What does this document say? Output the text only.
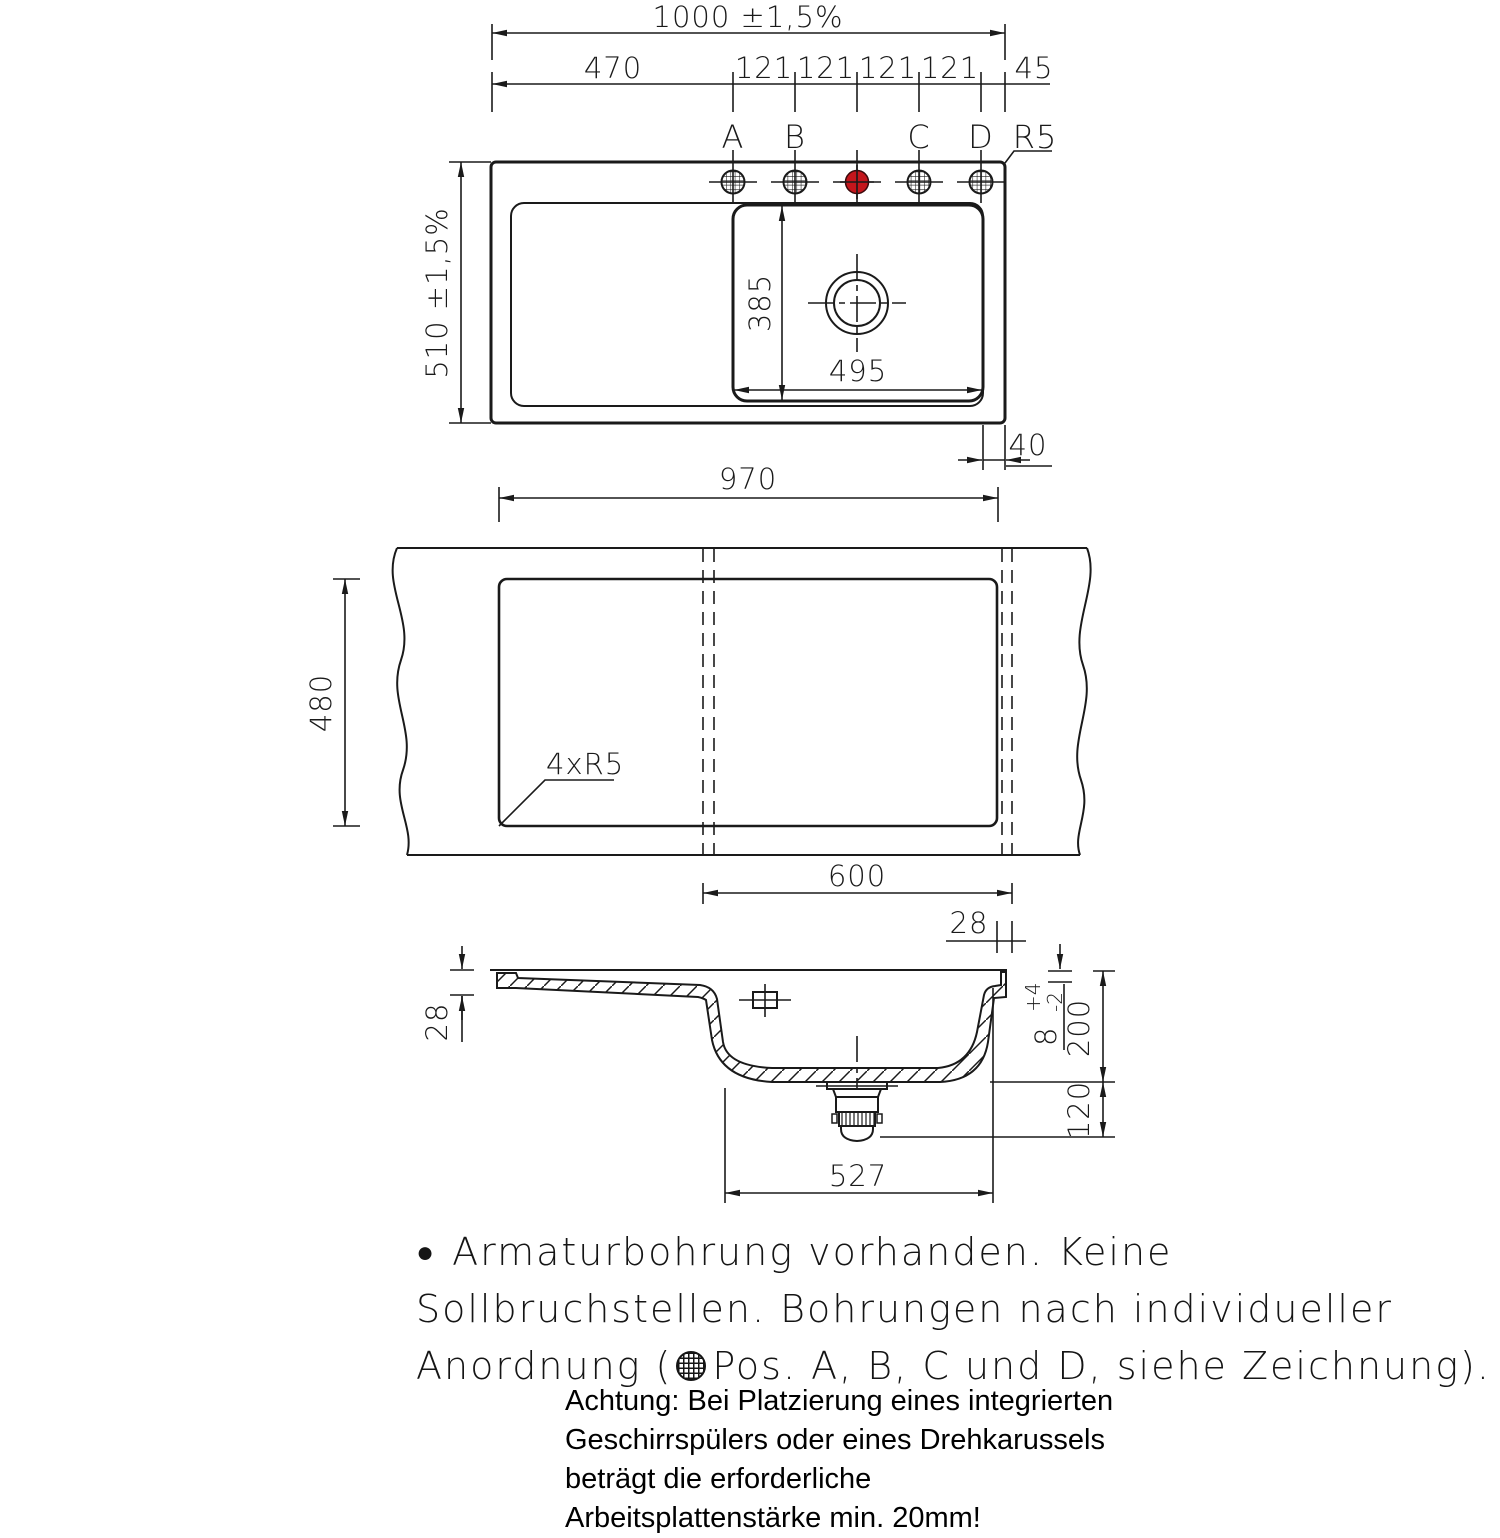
1000 ±1,5%
470	121 121 121 121 45
A B	C D R5
510 ±1,5%	385
495
40
970
480
4xR5
600
28
28	8
+4
-2
200
120
527
● Armaturbohrung vorhanden. Keine
Sollbruchstellen. Bohrungen nach individueller
Anordnung ( Pos. A, B, C und D, siehe Zeichnung).
Achtung: Bei Platzierung eines integrierten
Geschirrspülers oder eines Drehkarussels
beträgt die erforderliche
Arbeitsplattenstärke min. 20mm!
